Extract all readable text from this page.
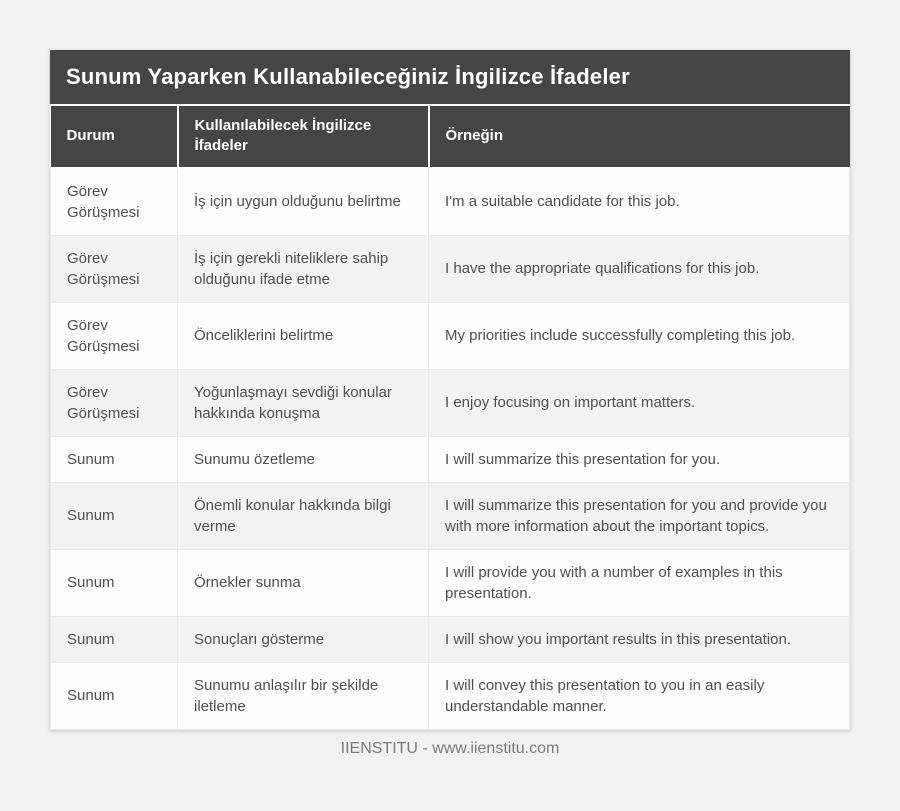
Sunum Yaparken Kullanabileceğiniz İngilizce İfadeler
Durum	Kullanılabilecek İngilizce İfadeler	Örneğin
Görev Görüşmesi	İş için uygun olduğunu belirtme	I'm a suitable candidate for this job.
Görev Görüşmesi	İş için gerekli niteliklere sahip olduğunu ifade etme	I have the appropriate qualifications for this job.
Görev Görüşmesi	Önceliklerini belirtme	My priorities include successfully completing this job.
Görev Görüşmesi	Yoğunlaşmayı sevdiği konular hakkında konuşma	I enjoy focusing on important matters.
Sunum	Sunumu özetleme	I will summarize this presentation for you.
Sunum	Önemli konular hakkında bilgi verme	I will summarize this presentation for you and provide you with more information about the important topics.
Sunum	Örnekler sunma	I will provide you with a number of examples in this presentation.
Sunum	Sonuçları gösterme	I will show you important results in this presentation.
Sunum	Sunumu anlaşılır bir şekilde iletleme	I will convey this presentation to you in an easily understandable manner.
IIENSTITU - www.iienstitu.com
